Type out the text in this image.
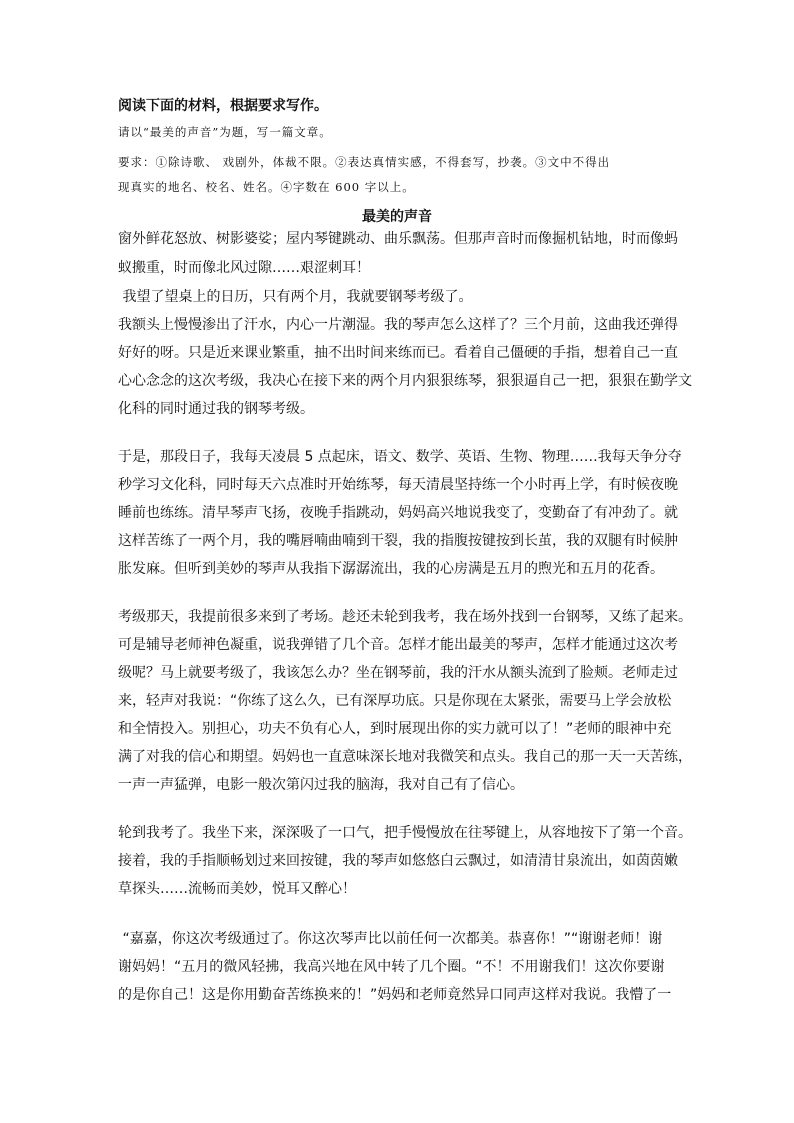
阅读下面的材料，根据要求写作。
请以“最美的声音”为题，写一篇文章。
要求：①除诗歌、 戏剧外，体裁不限。②表达真情实感，不得套写，抄袭。③文中不得出
现真实的地名、校名、姓名。④字数在 600 字以上。
最美的声音
窗外鲜花怒放、树影婆娑；屋内琴键跳动、曲乐飘荡。但那声音时而像掘机钻地，时而像蚂
蚁搬重，时而像北风过隙……艰涩刺耳！
我望了望桌上的日历，只有两个月，我就要钢琴考级了。
我额头上慢慢渗出了汗水，内心一片潮湿。我的琴声怎么这样了？三个月前，这曲我还弹得
好好的呀。只是近来课业繁重，抽不出时间来练而已。看着自己僵硬的手指，想着自己一直
心心念念的这次考级，我决心在接下来的两个月内狠狠练琴，狠狠逼自己一把，狠狠在勤学文
化科的同时通过我的钢琴考级。
于是，那段日子，我每天凌晨 5 点起床，语文、数学、英语、生物、物理……我每天争分夺
秒学习文化科，同时每天六点准时开始练琴，每天清晨坚持练一个小时再上学，有时候夜晚
睡前也练练。清早琴声飞扬，夜晚手指跳动，妈妈高兴地说我变了，变勤奋了有冲劲了。就
这样苦练了一两个月，我的嘴唇喃曲喃到干裂，我的指腹按键按到长茧，我的双腿有时候肿
胀发麻。但听到美妙的琴声从我指下潺潺流出，我的心房满是五月的煦光和五月的花香。
考级那天，我提前很多来到了考场。趁还未轮到我考，我在场外找到一台钢琴，又练了起来。
可是辅导老师神色凝重，说我弹错了几个音。怎样才能出最美的琴声，怎样才能通过这次考
级呢？马上就要考级了，我该怎么办？坐在钢琴前，我的汗水从额头流到了脸颊。老师走过
来，轻声对我说：“你练了这么久，已有深厚功底。只是你现在太紧张，需要马上学会放松
和全情投入。别担心，功夫不负有心人，到时展现出你的实力就可以了！”老师的眼神中充
满了对我的信心和期望。妈妈也一直意味深长地对我微笑和点头。我自己的那一天一天苦练，
一声一声猛弹，电影一般次第闪过我的脑海，我对自己有了信心。
轮到我考了。我坐下来，深深吸了一口气，把手慢慢放在往琴键上，从容地按下了第一个音。
接着，我的手指顺畅划过来回按键，我的琴声如悠悠白云飘过，如清清甘泉流出，如茵茵嫩
草探头……流畅而美妙，悦耳又醉心！
“嘉嘉，你这次考级通过了。你这次琴声比以前任何一次都美。恭喜你！”“谢谢老师！谢
谢妈妈！“五月的微风轻拂，我高兴地在风中转了几个圈。“不！不用谢我们！这次你要谢
的是你自己！这是你用勤奋苦练换来的！”妈妈和老师竟然异口同声这样对我说。我懵了一
